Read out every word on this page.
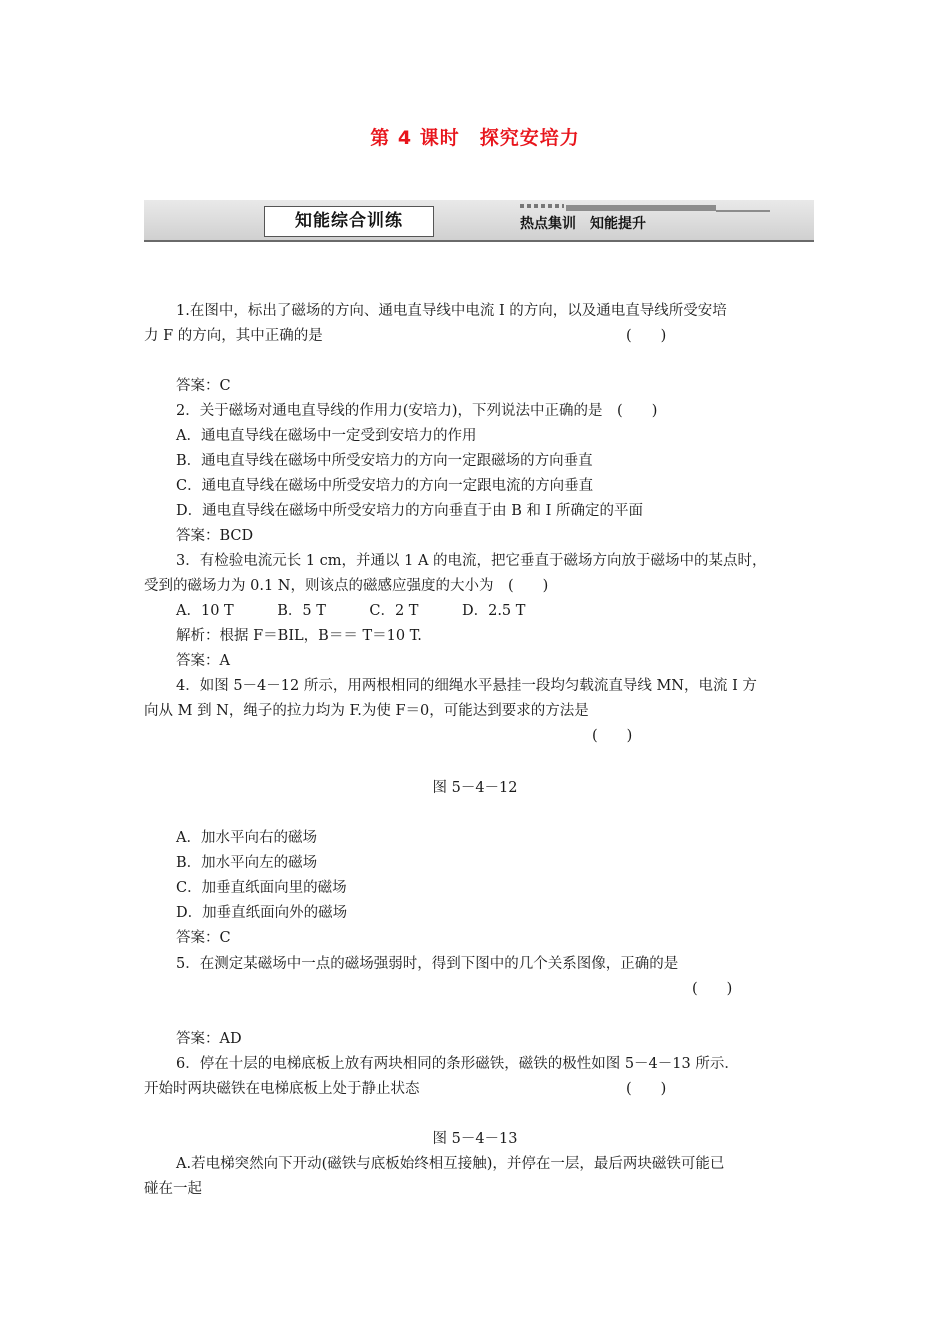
第 4 课时　探究安培力
知能综合训练	热点集训　知能提升
1.在图中，标出了磁场的方向、通电直导线中电流 I 的方向，以及通电直导线所受安培
力 F 的方向，其中正确的是	(　　)
答案：C
2．关于磁场对通电直导线的作用力(安培力)，下列说法中正确的是　(　　)
A．通电直导线在磁场中一定受到安培力的作用
B．通电直导线在磁场中所受安培力的方向一定跟磁场的方向垂直
C．通电直导线在磁场中所受安培力的方向一定跟电流的方向垂直
D．通电直导线在磁场中所受安培力的方向垂直于由 B 和 I 所确定的平面
答案：BCD
3．有检验电流元长 1 cm，并通以 1 A 的电流，把它垂直于磁场方向放于磁场中的某点时，
受到的磁场力为 0.1 N，则该点的磁感应强度的大小为　(　　)
A．10 T　　　B．5 T　　　C．2 T　　　D．2.5 T
解析：根据 F＝BIL，B＝＝ T＝10 T.
答案：A
4．如图 5－4－12 所示，用两根相同的细绳水平悬挂一段均匀载流直导线 MN，电流 I 方
向从 M 到 N，绳子的拉力均为 F.为使 F＝0，可能达到要求的方法是
(　　)
图 5－4－12
A．加水平向右的磁场
B．加水平向左的磁场
C．加垂直纸面向里的磁场
D．加垂直纸面向外的磁场
答案：C
5．在测定某磁场中一点的磁场强弱时，得到下图中的几个关系图像，正确的是
(　　)
答案：AD
6．停在十层的电梯底板上放有两块相同的条形磁铁，磁铁的极性如图 5－4－13 所示．
开始时两块磁铁在电梯底板上处于静止状态	(　　)
图 5－4－13
A.若电梯突然向下开动(磁铁与底板始终相互接触)，并停在一层，最后两块磁铁可能已
碰在一起
